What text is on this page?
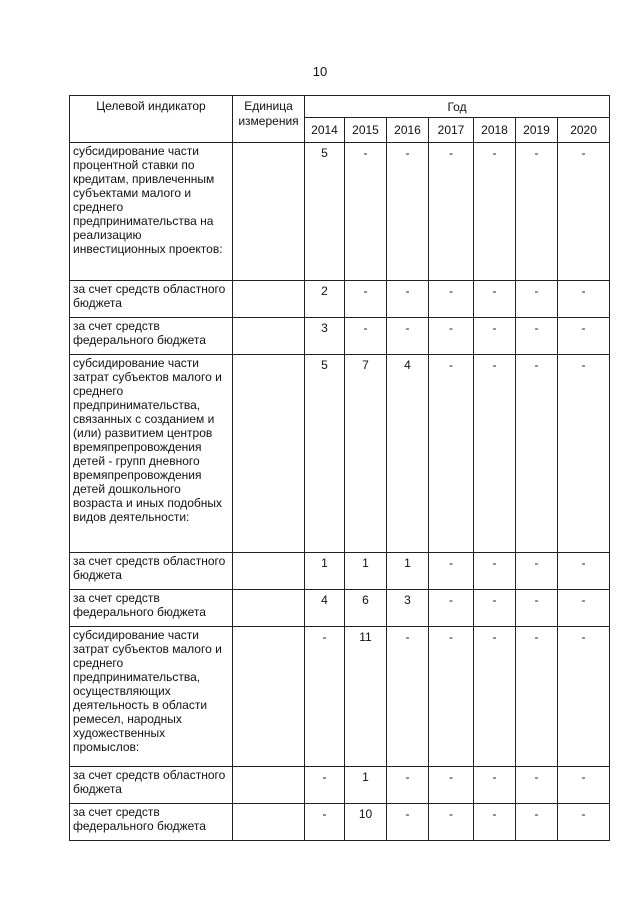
10
Целевой индикатор	Единица измерения	Год						
		2014	2015	2016	2017	2018	2019	2020
субсидирование части процентной ставки по кредитам, привлеченным субъектами малого и среднего предпринимательства на реализацию инвестиционных проектов:		5	-	-	-	-	-	-
за счет средств областного бюджета		2	-	-	-	-	-	-
за счет средств федерального бюджета		3	-	-	-	-	-	-
субсидирование части затрат субъектов малого и среднего предпринимательства, связанных с созданием и (или) развитием центров времяпрепровождения детей - групп дневного времяпрепровождения детей дошкольного возраста и иных подобных видов деятельности:		5	7	4	-	-	-	-
за счет средств областного бюджета		1	1	1	-	-	-	-
за счет средств федерального бюджета		4	6	3	-	-	-	-
субсидирование части затрат субъектов малого и среднего предпринимательства, осуществляющих деятельность в области ремесел, народных художественных промыслов:		-	11	-	-	-	-	-
за счет средств областного бюджета		-	1	-	-	-	-	-
за счет средств федерального бюджета		-	10	-	-	-	-	-
